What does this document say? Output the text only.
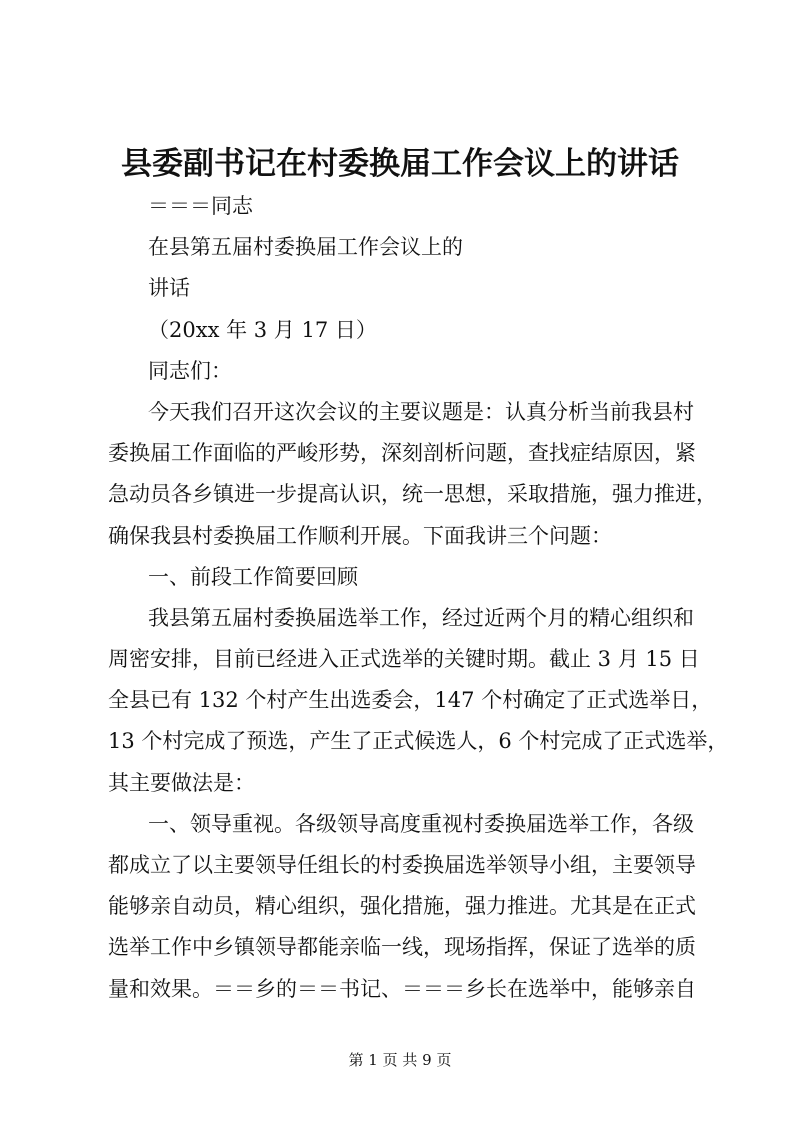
县委副书记在村委换届工作会议上的讲话
＝＝＝同志
在县第五届村委换届工作会议上的
讲话
（20xx 年 3 月 17 日）
同志们：
今天我们召开这次会议的主要议题是：认真分析当前我县村
委换届工作面临的严峻形势，深刻剖析问题，查找症结原因，紧
急动员各乡镇进一步提高认识，统一思想，采取措施，强力推进，
确保我县村委换届工作顺利开展。下面我讲三个问题：
一、前段工作简要回顾
我县第五届村委换届选举工作，经过近两个月的精心组织和
周密安排，目前已经进入正式选举的关键时期。截止 3 月 15 日
全县已有 132 个村产生出选委会，147 个村确定了正式选举日，
13 个村完成了预选，产生了正式候选人，6 个村完成了正式选举，
其主要做法是：
一、领导重视。各级领导高度重视村委换届选举工作，各级
都成立了以主要领导任组长的村委换届选举领导小组，主要领导
能够亲自动员，精心组织，强化措施，强力推进。尤其是在正式
选举工作中乡镇领导都能亲临一线，现场指挥，保证了选举的质
量和效果。＝＝乡的＝＝书记、＝＝＝乡长在选举中，能够亲自
第 1 页 共 9 页
